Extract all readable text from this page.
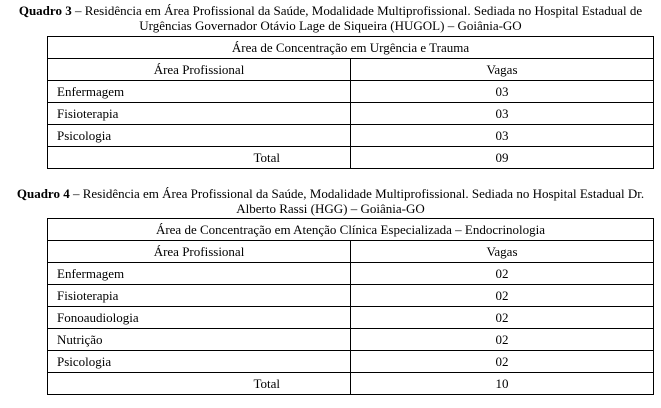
Quadro 3 – Residência em Área Profissional da Saúde, Modalidade Multiprofissional. Sediada no Hospital Estadual de
Urgências Governador Otávio Lage de Siqueira (HUGOL) – Goiânia-GO
Área de Concentração em Urgência e Trauma	
Área Profissional	Vagas
Enfermagem	03
Fisioterapia	03
Psicologia	03
Total	09
Quadro 4 – Residência em Área Profissional da Saúde, Modalidade Multiprofissional. Sediada no Hospital Estadual Dr.
Alberto Rassi (HGG) – Goiânia-GO
Área de Concentração em Atenção Clínica Especializada – Endocrinologia	
Área Profissional	Vagas
Enfermagem	02
Fisioterapia	02
Fonoaudiologia	02
Nutrição	02
Psicologia	02
Total	10
